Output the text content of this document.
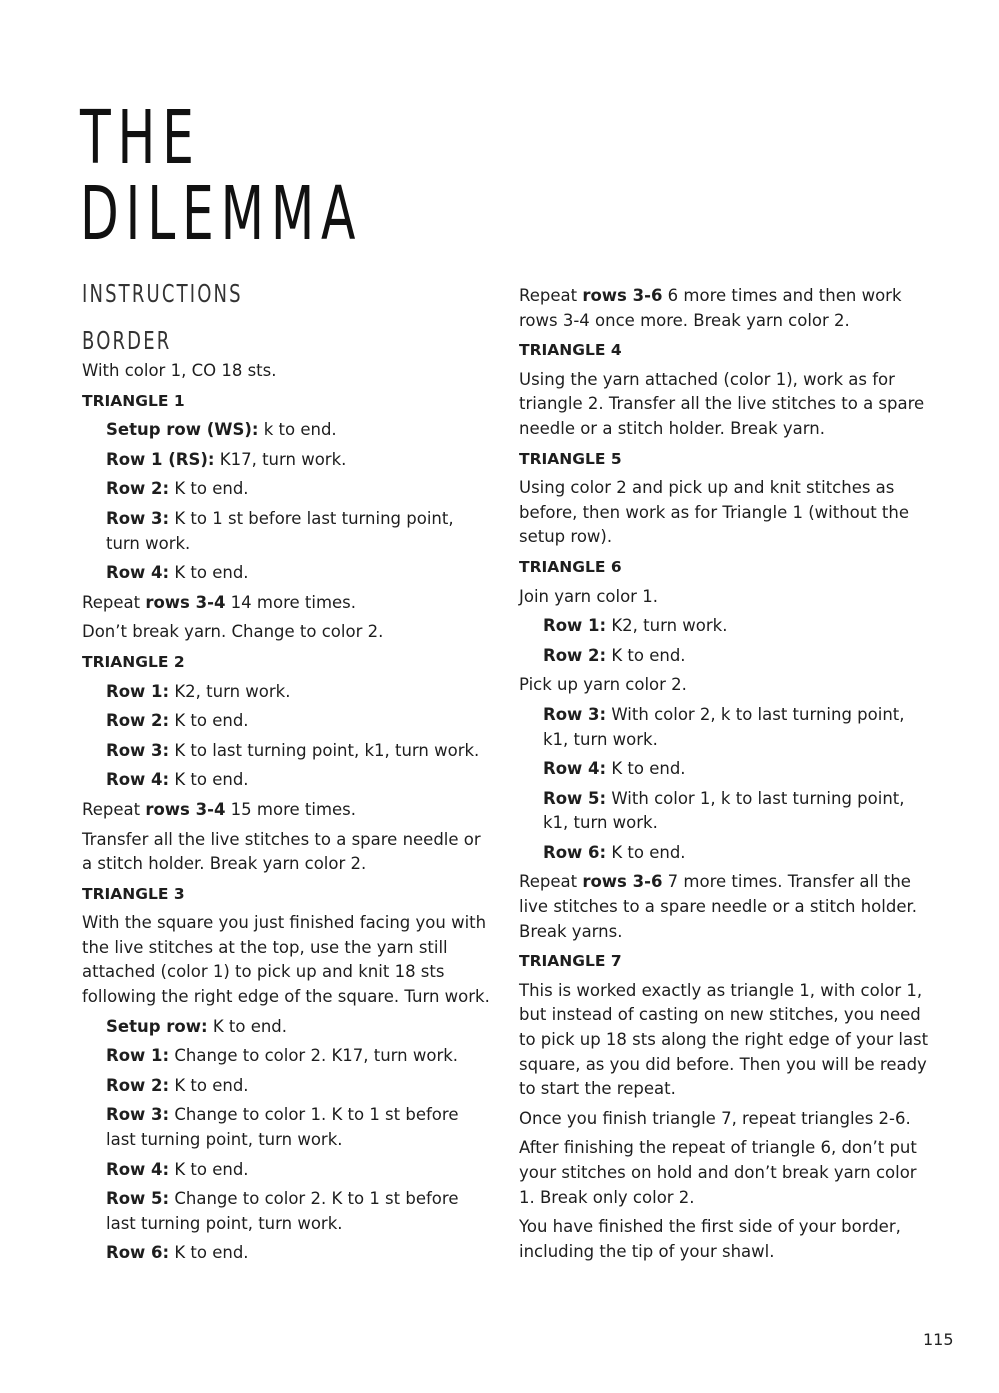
THE
DILEMMA
INSTRUCTIONS
BORDER

With color 1, CO 18 sts.

TRIANGLE 1

Setup row (WS): k to end.

Row 1 (RS): K17, turn work.

Row 2: K to end.

Row 3: K to 1 st before last turning point, turn work.

Row 4: K to end.

Repeat rows 3-4 14 more times.

Don’t break yarn. Change to color 2.

TRIANGLE 2

Row 1: K2, turn work.

Row 2: K to end.

Row 3: K to last turning point, k1, turn work.

Row 4: K to end.

Repeat rows 3-4 15 more times.

Transfer all the live stitches to a spare needle or a stitch holder. Break yarn color 2.

TRIANGLE 3

With the square you just finished facing you with the live stitches at the top, use the yarn still attached (color 1) to pick up and knit 18 sts following the right edge of the square. Turn work.

Setup row: K to end.

Row 1: Change to color 2. K17, turn work.

Row 2: K to end.

Row 3: Change to color 1. K to 1 st before last turning point, turn work.

Row 4: K to end.

Row 5: Change to color 2. K to 1 st before last turning point, turn work.

Row 6: K to end.

Repeat rows 3-6 6 more times and then work rows 3-4 once more. Break yarn color 2.

TRIANGLE 4

Using the yarn attached (color 1), work as for triangle 2. Transfer all the live stitches to a spare needle or a stitch holder. Break yarn.

TRIANGLE 5

Using color 2 and pick up and knit stitches as before, then work as for Triangle 1 (without the setup row).

TRIANGLE 6

Join yarn color 1.

Row 1: K2, turn work.

Row 2: K to end.

Pick up yarn color 2.

Row 3: With color 2, k to last turning point, k1, turn work.

Row 4: K to end.

Row 5: With color 1, k to last turning point, k1, turn work.

Row 6: K to end.

Repeat rows 3-6 7 more times. Transfer all the live stitches to a spare needle or a stitch holder. Break yarns.

TRIANGLE 7

This is worked exactly as triangle 1, with color 1, but instead of casting on new stitches, you need to pick up 18 sts along the right edge of your last square, as you did before. Then you will be ready to start the repeat.

Once you finish triangle 7, repeat triangles 2-6.

After finishing the repeat of triangle 6, don’t put your stitches on hold and don’t break yarn color 1. Break only color 2.

You have finished the first side of your border, including the tip of your shawl.

115
